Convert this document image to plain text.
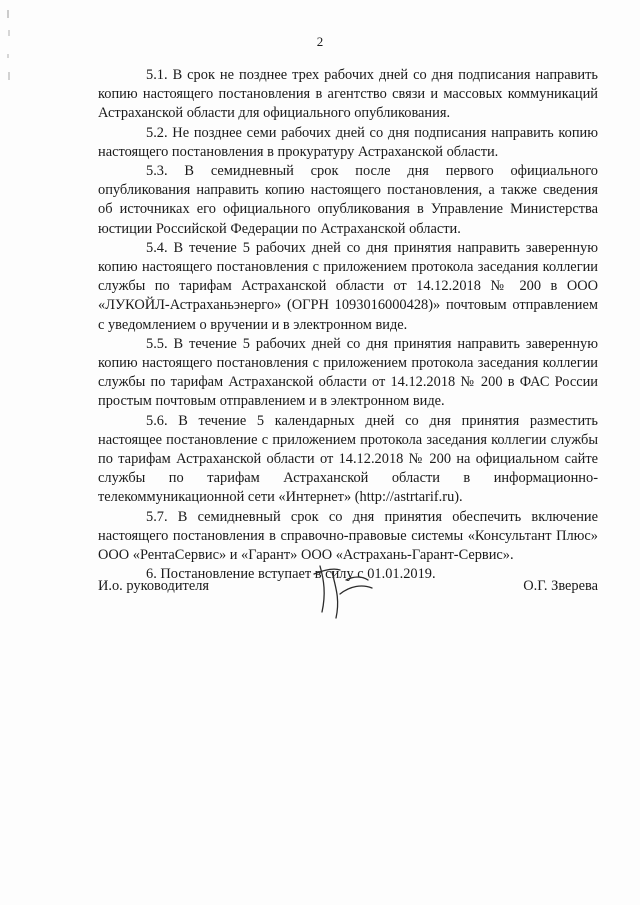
2

5.1. В срок не позднее трех рабочих дней со дня подписания направить копию настоящего постановления в агентство связи и массовых коммуникаций Астраханской области для официального опубликования.

5.2. Не позднее семи рабочих дней со дня подписания направить копию настоящего постановления в прокуратуру Астраханской области.

5.3. В семидневный срок после дня первого официального опубликования направить копию настоящего постановления, а также сведения об источниках его официального опубликования в Управление Министерства юстиции Российской Федерации по Астраханской области.

5.4. В течение 5 рабочих дней со дня принятия направить заверенную копию настоящего постановления с приложением протокола заседания коллегии службы по тарифам Астраханской области от 14.12.2018 № 200 в ООО «ЛУКОЙЛ-Астраханьэнерго» (ОГРН 1093016000428)» почтовым отправлением с уведомлением о вручении и в электронном виде.

5.5. В течение 5 рабочих дней со дня принятия направить заверенную копию настоящего постановления с приложением протокола заседания коллегии службы по тарифам Астраханской области от 14.12.2018 № 200 в ФАС России простым почтовым отправлением и в электронном виде.

5.6. В течение 5 календарных дней со дня принятия разместить настоящее постановление с приложением протокола заседания коллегии службы по тарифам Астраханской области от 14.12.2018 № 200 на официальном сайте службы по тарифам Астраханской области в информационно-телекоммуникационной сети «Интернет» (http://astrtarif.ru).

5.7. В семидневный срок со дня принятия обеспечить включение настоящего постановления в справочно-правовые системы «Консультант Плюс» ООО «РентаСервис» и «Гарант» ООО «Астрахань-Гарант-Сервис».

6. Постановление вступает в силу с 01.01.2019.

И.о. руководителя	О.Г. Зверева
